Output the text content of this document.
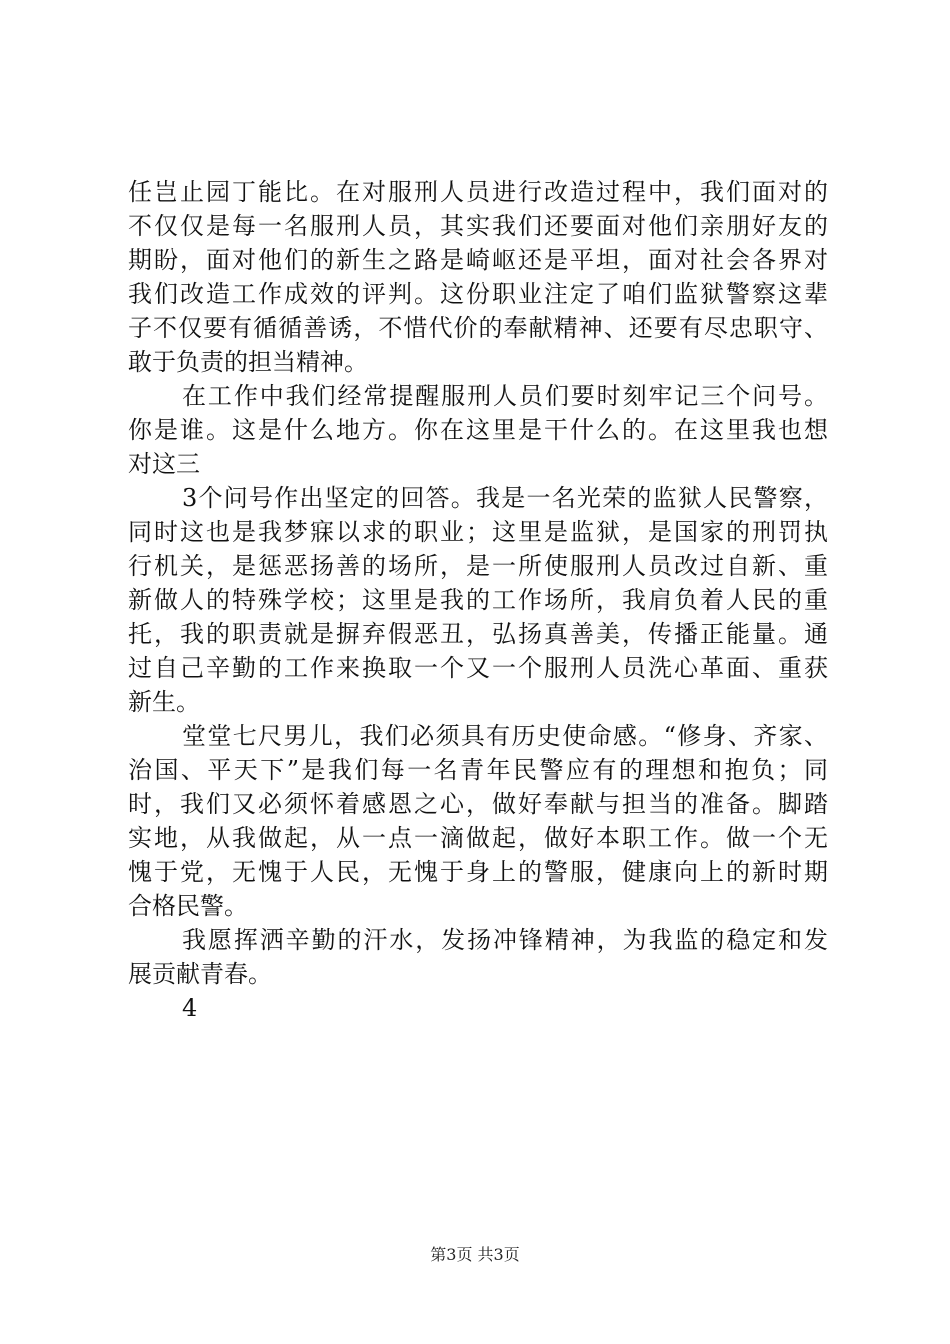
任岂止园丁能比。在对服刑人员进行改造过程中，我们面对的
不仅仅是每一名服刑人员，其实我们还要面对他们亲朋好友的
期盼，面对他们的新生之路是崎岖还是平坦，面对社会各界对
我们改造工作成效的评判。这份职业注定了咱们监狱警察这辈
子不仅要有循循善诱，不惜代价的奉献精神、还要有尽忠职守、
敢于负责的担当精神。
在工作中我们经常提醒服刑人员们要时刻牢记三个问号。
你是谁。这是什么地方。你在这里是干什么的。在这里我也想
对这三
3个问号作出坚定的回答。我是一名光荣的监狱人民警察，
同时这也是我梦寐以求的职业；这里是监狱，是国家的刑罚执
行机关，是惩恶扬善的场所，是一所使服刑人员改过自新、重
新做人的特殊学校；这里是我的工作场所，我肩负着人民的重
托，我的职责就是摒弃假恶丑，弘扬真善美，传播正能量。通
过自己辛勤的工作来换取一个又一个服刑人员洗心革面、重获
新生。
堂堂七尺男儿，我们必须具有历史使命感。“修身、齐家、
治国、平天下”是我们每一名青年民警应有的理想和抱负；同
时，我们又必须怀着感恩之心，做好奉献与担当的准备。脚踏
实地，从我做起，从一点一滴做起，做好本职工作。做一个无
愧于党，无愧于人民，无愧于身上的警服，健康向上的新时期
合格民警。
我愿挥洒辛勤的汗水，发扬冲锋精神，为我监的稳定和发
展贡献青春。
4
第3页 共3页
